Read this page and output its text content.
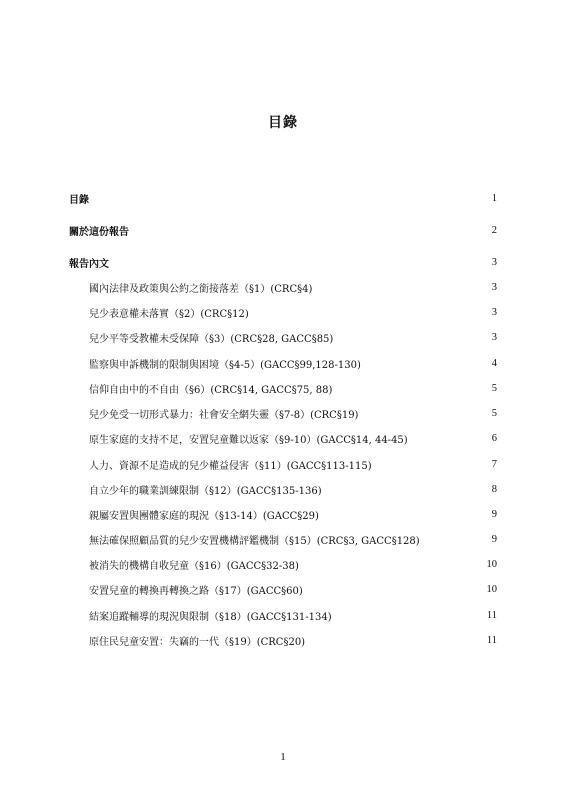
目錄
目錄	1
關於這份報告	2
報告內文	3
國內法律及政策與公約之銜接落差（§1）(CRC§4)	3
兒少表意權未落實（§2）(CRC§12)	3
兒少平等受教權未受保障（§3）(CRC§28, GACC§85)	3
監察與申訴機制的限制與困境（§4-5）(GACC§99,128-130)	4
信仰自由中的不自由（§6）(CRC§14, GACC§75, 88)	5
兒少免受一切形式暴力：社會安全網失靈（§7-8）(CRC§19)	5
原生家庭的支持不足，安置兒童難以返家（§9-10）(GACC§14, 44-45)	6
人力、資源不足造成的兒少權益侵害（§11）(GACC§113-115)	7
自立少年的職業訓練限制（§12）(GACC§135-136)	8
親屬安置與團體家庭的現況（§13-14）(GACC§29)	9
無法確保照顧品質的兒少安置機構評鑑機制（§15）(CRC§3, GACC§128)	9
被消失的機構自收兒童（§16）(GACC§32-38)	10
安置兒童的轉換再轉換之路（§17）(GACC§60)	10
結案追蹤輔導的現況與限制（§18）(GACC§131-134)	11
原住民兒童安置：失竊的一代（§19）(CRC§20)	11
1
